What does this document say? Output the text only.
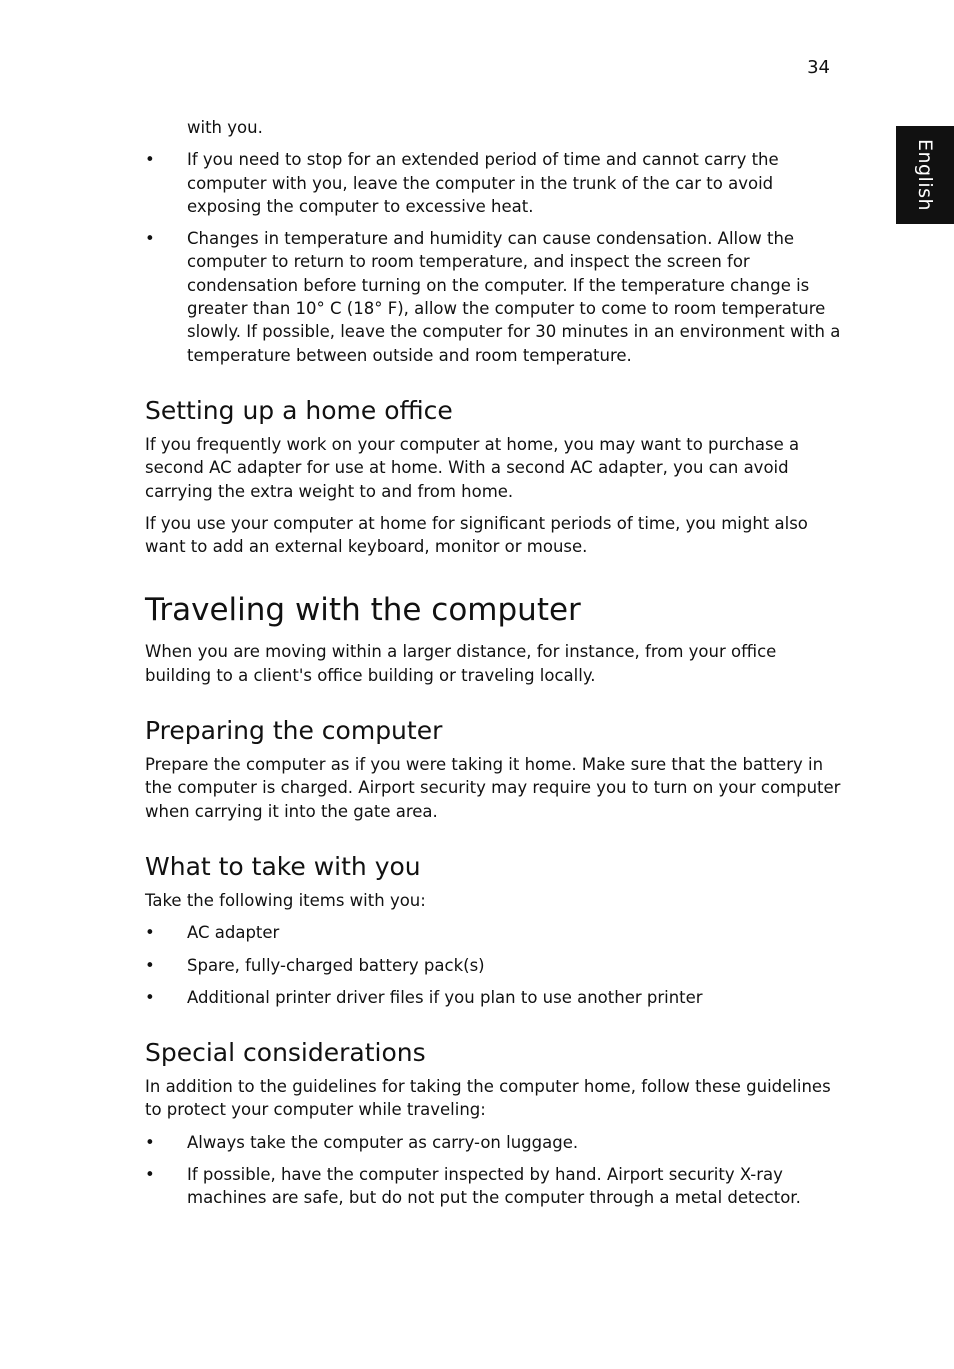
34
English
with you.
• If you need to stop for an extended period of time and cannot carry the computer with you, leave the computer in the trunk of the car to avoid exposing the computer to excessive heat.
• Changes in temperature and humidity can cause condensation. Allow the computer to return to room temperature, and inspect the screen for condensation before turning on the computer. If the temperature change is greater than 10° C (18° F), allow the computer to come to room temperature slowly. If possible, leave the computer for 30 minutes in an environment with a temperature between outside and room temperature.
Setting up a home office

If you frequently work on your computer at home, you may want to purchase a second AC adapter for use at home. With a second AC adapter, you can avoid carrying the extra weight to and from home.

If you use your computer at home for significant periods of time, you might also want to add an external keyboard, monitor or mouse.

Traveling with the computer

When you are moving within a larger distance, for instance, from your office building to a client's office building or traveling locally.

Preparing the computer

Prepare the computer as if you were taking it home. Make sure that the battery in the computer is charged. Airport security may require you to turn on your computer when carrying it into the gate area.

What to take with you

Take the following items with you:

• AC adapter
• Spare, fully-charged battery pack(s)
• Additional printer driver files if you plan to use another printer
Special considerations

In addition to the guidelines for taking the computer home, follow these guidelines to protect your computer while traveling:

• Always take the computer as carry-on luggage.
• If possible, have the computer inspected by hand. Airport security X-ray machines are safe, but do not put the computer through a metal detector.
